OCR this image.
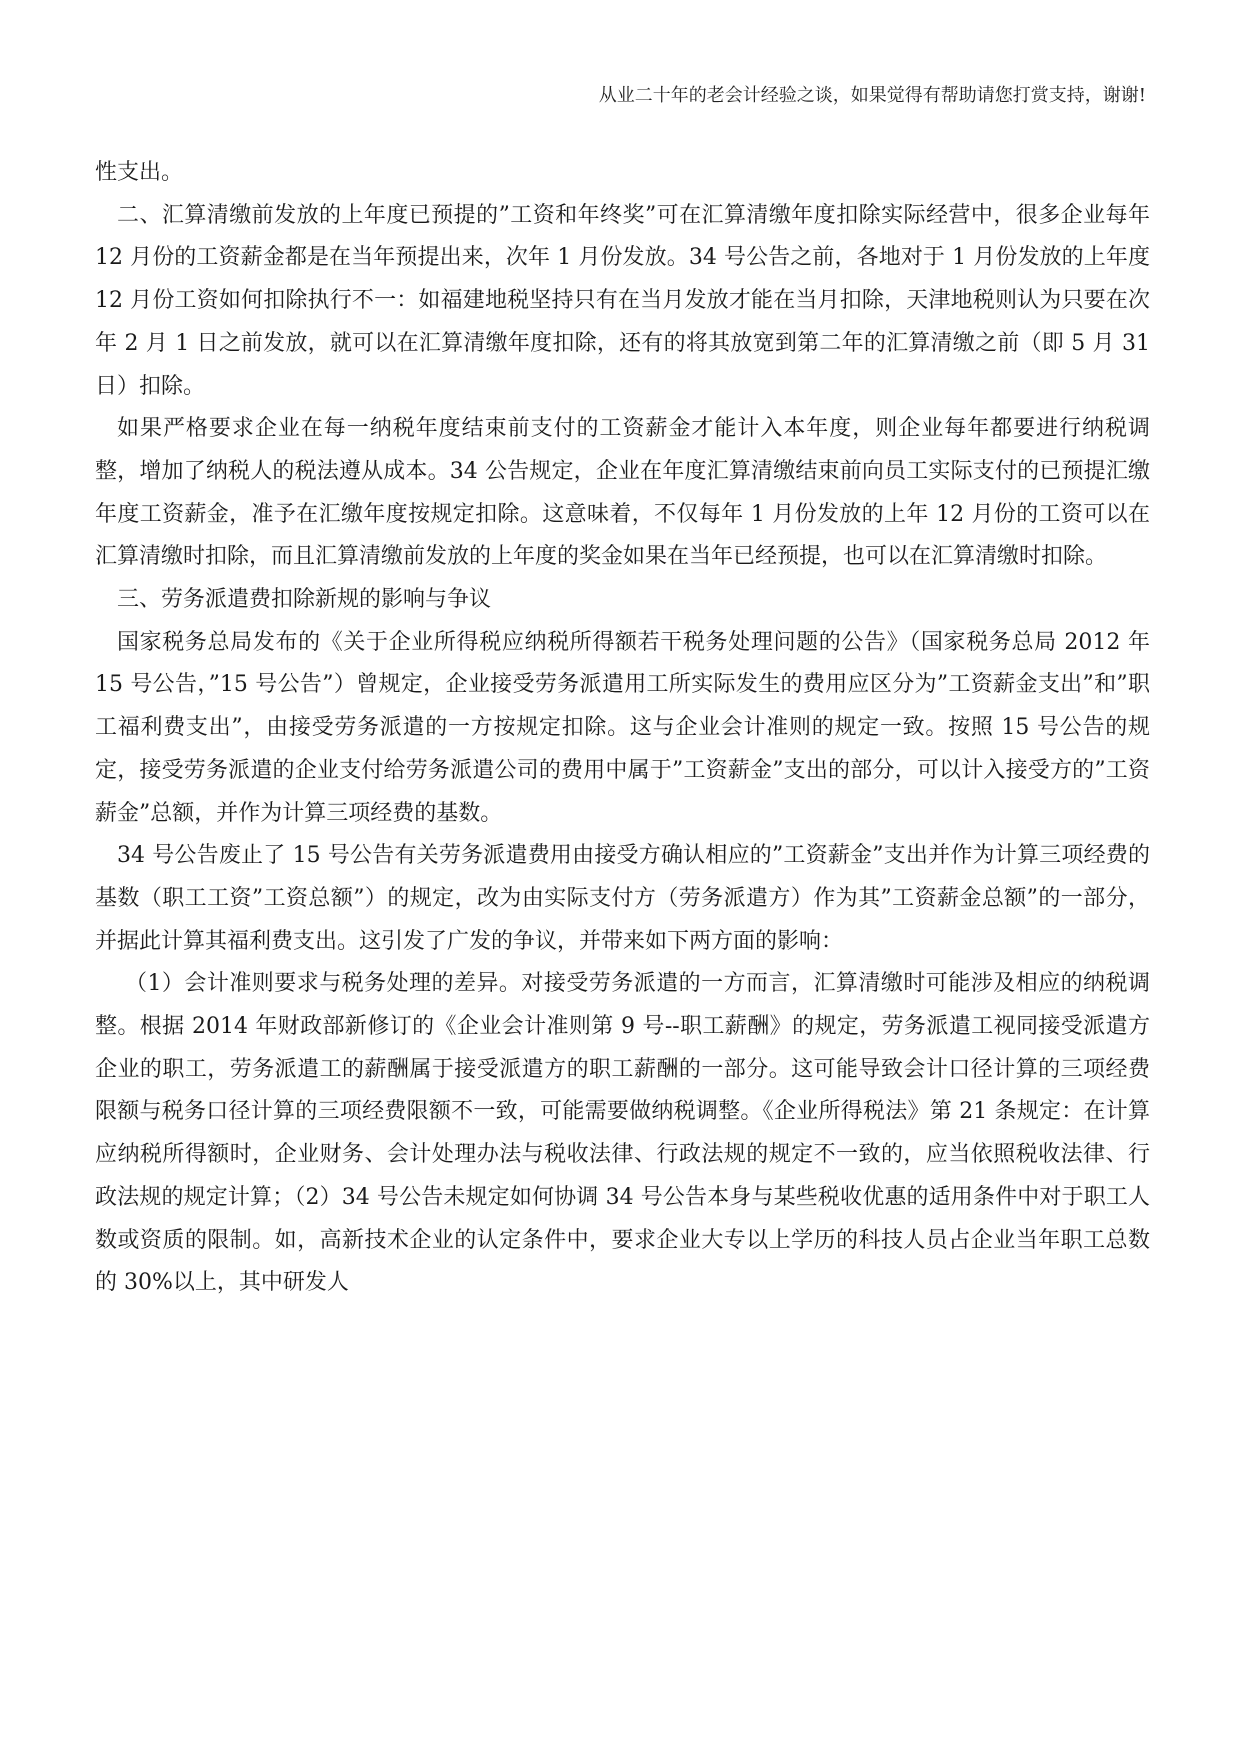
从业二十年的老会计经验之谈，如果觉得有帮助请您打赏支持，谢谢!

性支出。

二、汇算清缴前发放的上年度已预提的”工资和年终奖”可在汇算清缴年度扣除实际经营中，很多企业每年 12 月份的工资薪金都是在当年预提出来，次年 1 月份发放。34 号公告之前，各地对于 1 月份发放的上年度 12 月份工资如何扣除执行不一：如福建地税坚持只有在当月发放才能在当月扣除，天津地税则认为只要在次年 2 月 1 日之前发放，就可以在汇算清缴年度扣除，还有的将其放宽到第二年的汇算清缴之前（即 5 月 31 日）扣除。

如果严格要求企业在每一纳税年度结束前支付的工资薪金才能计入本年度，则企业每年都要进行纳税调整，增加了纳税人的税法遵从成本。34 公告规定，企业在年度汇算清缴结束前向员工实际支付的已预提汇缴年度工资薪金，准予在汇缴年度按规定扣除。这意味着，不仅每年 1 月份发放的上年 12 月份的工资可以在汇算清缴时扣除，而且汇算清缴前发放的上年度的奖金如果在当年已经预提，也可以在汇算清缴时扣除。

三、劳务派遣费扣除新规的影响与争议

国家税务总局发布的《关于企业所得税应纳税所得额若干税务处理问题的公告》（国家税务总局 2012 年 15 号公告，”15 号公告”）曾规定，企业接受劳务派遣用工所实际发生的费用应区分为”工资薪金支出”和”职工福利费支出”，由接受劳务派遣的一方按规定扣除。这与企业会计准则的规定一致。按照 15 号公告的规定，接受劳务派遣的企业支付给劳务派遣公司的费用中属于”工资薪金”支出的部分，可以计入接受方的”工资薪金”总额，并作为计算三项经费的基数。

34 号公告废止了 15 号公告有关劳务派遣费用由接受方确认相应的”工资薪金”支出并作为计算三项经费的基数（职工工资”工资总额”）的规定，改为由实际支付方（劳务派遣方）作为其”工资薪金总额”的一部分，并据此计算其福利费支出。这引发了广发的争议，并带来如下两方面的影响：

（1）会计准则要求与税务处理的差异。对接受劳务派遣的一方而言，汇算清缴时可能涉及相应的纳税调整。根据 2014 年财政部新修订的《企业会计准则第 9 号--职工薪酬》的规定，劳务派遣工视同接受派遣方企业的职工，劳务派遣工的薪酬属于接受派遣方的职工薪酬的一部分。这可能导致会计口径计算的三项经费限额与税务口径计算的三项经费限额不一致，可能需要做纳税调整。《企业所得税法》第 21 条规定：在计算应纳税所得额时，企业财务、会计处理办法与税收法律、行政法规的规定不一致的，应当依照税收法律、行政法规的规定计算；（2）34 号公告未规定如何协调 34 号公告本身与某些税收优惠的适用条件中对于职工人数或资质的限制。如，高新技术企业的认定条件中，要求企业大专以上学历的科技人员占企业当年职工总数的 30%以上，其中研发人
